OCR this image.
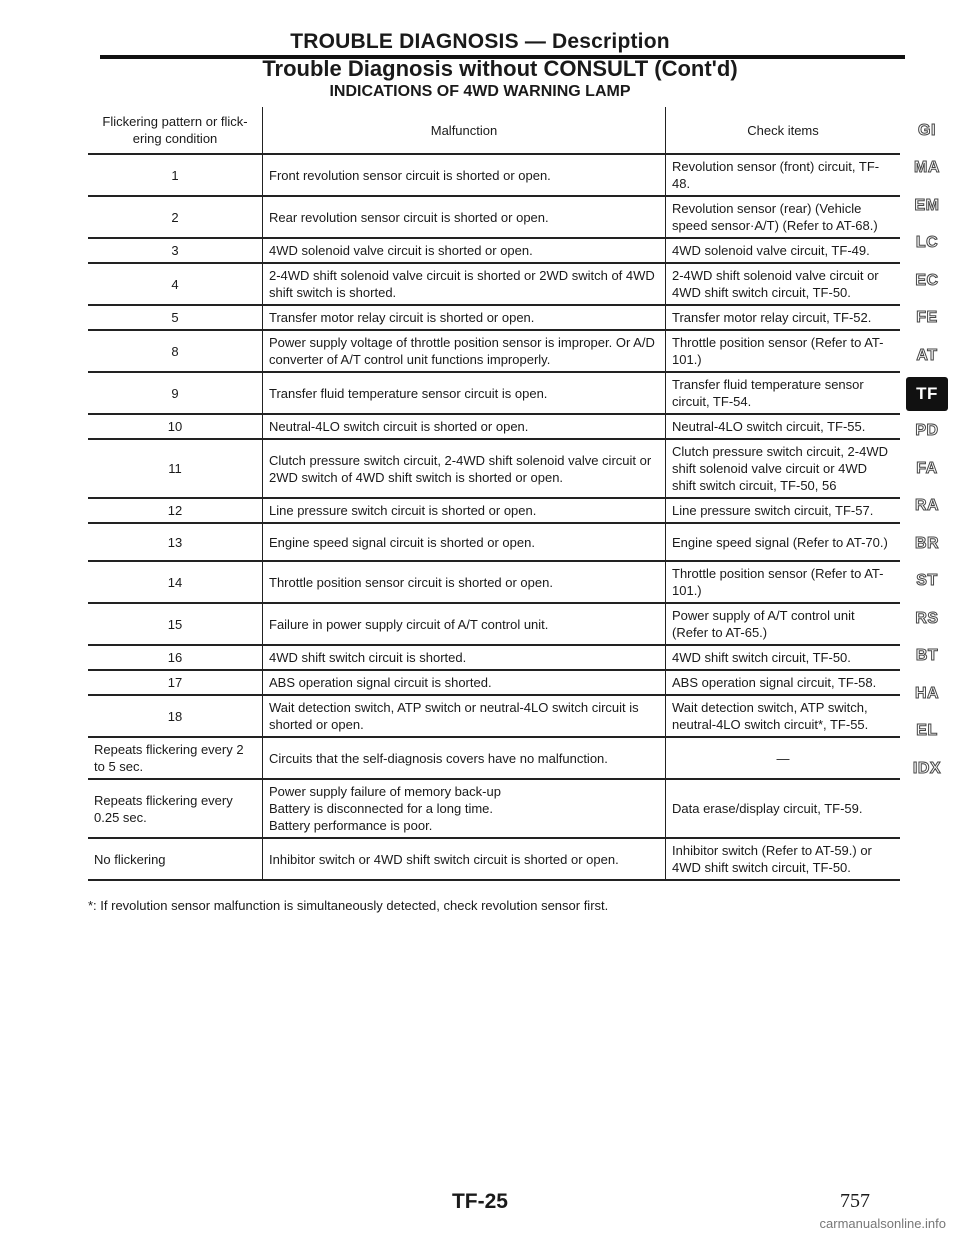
TROUBLE DIAGNOSIS — Description
Trouble Diagnosis without CONSULT (Cont'd)
INDICATIONS OF 4WD WARNING LAMP
Flickering pattern or flick-ering condition	Malfunction	Check items
1	Front revolution sensor circuit is shorted or open.	Revolution sensor (front) circuit, TF-48.
2	Rear revolution sensor circuit is shorted or open.	Revolution sensor (rear) (Vehicle speed sensor·A/T) (Refer to AT-68.)
3	4WD solenoid valve circuit is shorted or open.	4WD solenoid valve circuit, TF-49.
4	2-4WD shift solenoid valve circuit is shorted or 2WD switch of 4WD shift switch is shorted.	2-4WD shift solenoid valve circuit or 4WD shift switch circuit, TF-50.
5	Transfer motor relay circuit is shorted or open.	Transfer motor relay circuit, TF-52.
8	Power supply voltage of throttle position sensor is improper. Or A/D converter of A/T control unit functions improperly.	Throttle position sensor (Refer to AT-101.)
9	Transfer fluid temperature sensor circuit is open.	Transfer fluid temperature sensor circuit, TF-54.
10	Neutral-4LO switch circuit is shorted or open.	Neutral-4LO switch circuit, TF-55.
11	Clutch pressure switch circuit, 2-4WD shift solenoid valve circuit or 2WD switch of 4WD shift switch is shorted or open.	Clutch pressure switch circuit, 2-4WD shift solenoid valve circuit or 4WD shift switch circuit, TF-50, 56
12	Line pressure switch circuit is shorted or open.	Line pressure switch circuit, TF-57.
13	Engine speed signal circuit is shorted or open.	Engine speed signal (Refer to AT-70.)
14	Throttle position sensor circuit is shorted or open.	Throttle position sensor (Refer to AT-101.)
15	Failure in power supply circuit of A/T control unit.	Power supply of A/T control unit (Refer to AT-65.)
16	4WD shift switch circuit is shorted.	4WD shift switch circuit, TF-50.
17	ABS operation signal circuit is shorted.	ABS operation signal circuit, TF-58.
18	Wait detection switch, ATP switch or neutral-4LO switch circuit is shorted or open.	Wait detection switch, ATP switch, neutral-4LO switch circuit*, TF-55.
Repeats flickering every 2 to 5 sec.	Circuits that the self-diagnosis covers have no malfunction.	—
Repeats flickering every 0.25 sec.	Power supply failure of memory back-up
Battery is disconnected for a long time.
Battery performance is poor.	Data erase/display circuit, TF-59.
No flickering	Inhibitor switch or 4WD shift switch circuit is shorted or open.	Inhibitor switch (Refer to AT-59.) or 4WD shift switch circuit, TF-50.
*: If revolution sensor malfunction is simultaneously detected, check revolution sensor first.
GI
MA
EM
LC
EC
FE
AT
TF
PD
FA
RA
BR
ST
RS
BT
HA
EL
IDX
TF-25	757
carmanualsonline.info
